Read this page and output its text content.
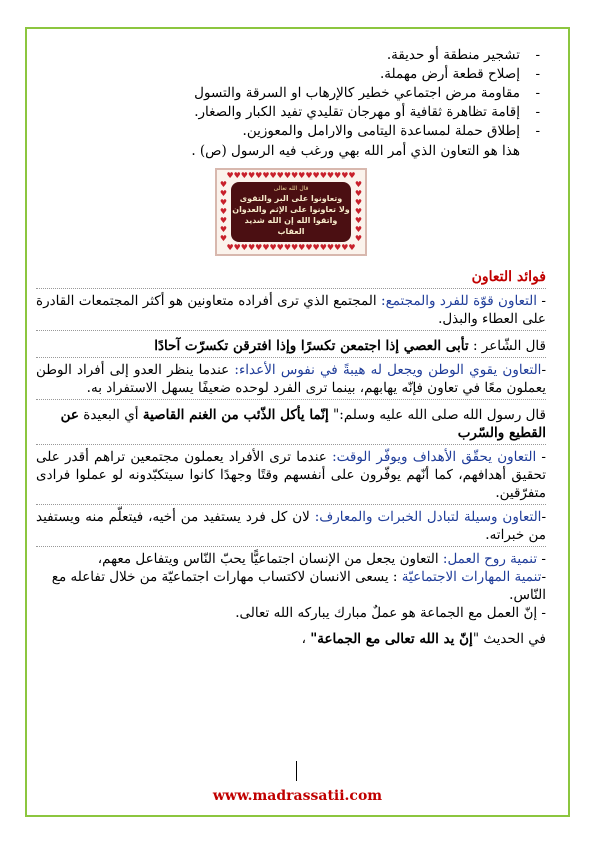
- تشجير منطقة أو حديقة.
- إصلاح قطعة أرض مهملة.
- مقاومة مرض اجتماعي خطير كالإرهاب او السرقة والتسول
- إقامة تظاهرة ثقافية أو مهرجان تقليدي تفيد الكبار والصغار.
- إطلاق حملة لمساعدة اليتامى والارامل والمعوزين.
هذا هو التعاون الذي أمر الله بهي ورغب فيه الرسول (ص) .
♥♥♥♥♥♥♥♥♥♥♥♥♥♥♥♥♥♥
♥ ♥ ♥ ♥ ♥ ♥ ♥
♥ ♥ ♥ ♥ ♥ ♥ ♥
قال الله تعالى
وتعاونوا على البر والتقوى
ولا تعاونوا على الإثم والعدوان
واتقوا الله إن الله شديد العقاب
♥♥♥♥♥♥♥♥♥♥♥♥♥♥♥♥♥♥
فوائد التعاون

- التعاون قوّة للفرد والمجتمع: المجتمع الذي ترى أفراده متعاونين هو أكثر المجتمعات القادرة على العطاء والبذل.

قال الشّاعر : تأبى العصي إذا اجتمعن تكسرًا وإذا افترقن تكسرّت آحادًا

-التعاون يقوي الوطن ويجعل له هيبةً في نفوس الأعداء: عندما ينظر العدو إلى أفراد الوطن يعملون معًا في تعاون فإنّه يهابهم، بينما ترى الفرد لوحده ضعيفًا يسهل الاستفراد به.

قال رسول الله صلى الله عليه وسلم:" إنّما يأكل الذّئب من الغنم القاصية أي البعيدة عن القطيع والسّرب

- التعاون يحقّق الأهداف ويوفّر الوقت: عندما ترى الأفراد يعملون مجتمعين تراهم أقدر على تحقيق أهدافهم، كما أنّهم يوفّرون على أنفسهم وقتًا وجهدًا كانوا سيتكبّدونه لو عملوا فرادى متفرّقين.

-التعاون وسيلة لتبادل الخبرات والمعارف: لان كل فرد يستفيد من أخيه، فيتعلّم منه ويستفيد من خبراته.

- تنمية روح العمل: التعاون يجعل من الإنسان اجتماعيًّا يحبّ النّاس ويتفاعل معهم،

-تنمية المهارات الاجتماعيّة : يسعى الانسان لاكتساب مهارات اجتماعيّة من خلال تفاعله مع النّاس.

- إنّ العمل مع الجماعة هو عملٌ مبارك يباركه الله تعالى.

في الحديث "إنّ يد الله تعالى مع الجماعة" ،

www.madrassatii.com
